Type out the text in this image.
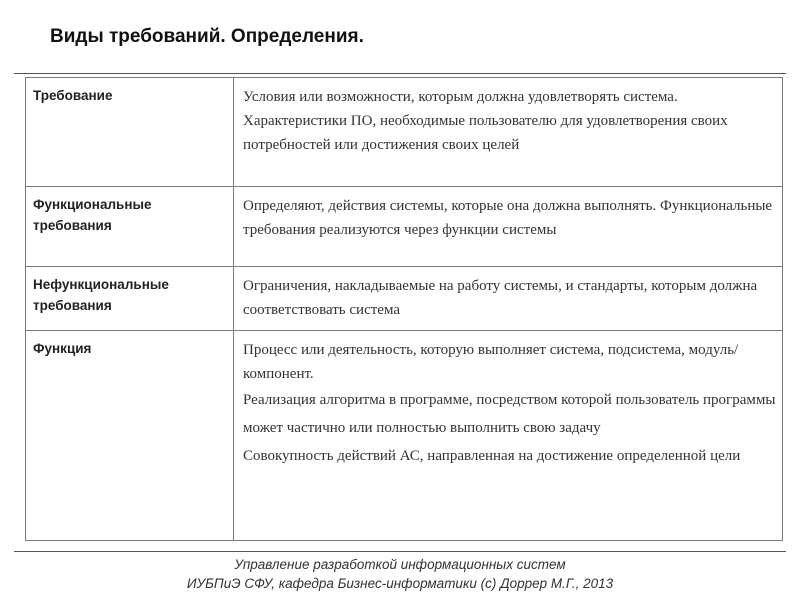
Виды требований. Определения.
Требование	Условия или возможности, которым должна удовлетворять система. Характеристики ПО, необходимые пользователю для удовлетворения своих потребностей или достижения своих целей

Функциональные требования	Определяют, действия системы, которые она должна выполнять. Функциональные требования реализуются через функции системы

Нефункциональные требования	Ограничения, накладываемые на работу системы, и стандарты, которым должна соответствовать система

Функция	Процесс или деятельность, которую выполняет система, подсистема, модуль/компонент.
Реализация алгоритма в программе, посредством которой пользователь программы может частично или полностью выполнить свою задачу
Совокупность действий АС, направленная на достижение определенной цели
Управление разработкой информационных систем
ИУБПиЭ СФУ, кафедра Бизнес-информатики (c) Доррер М.Г., 2013
